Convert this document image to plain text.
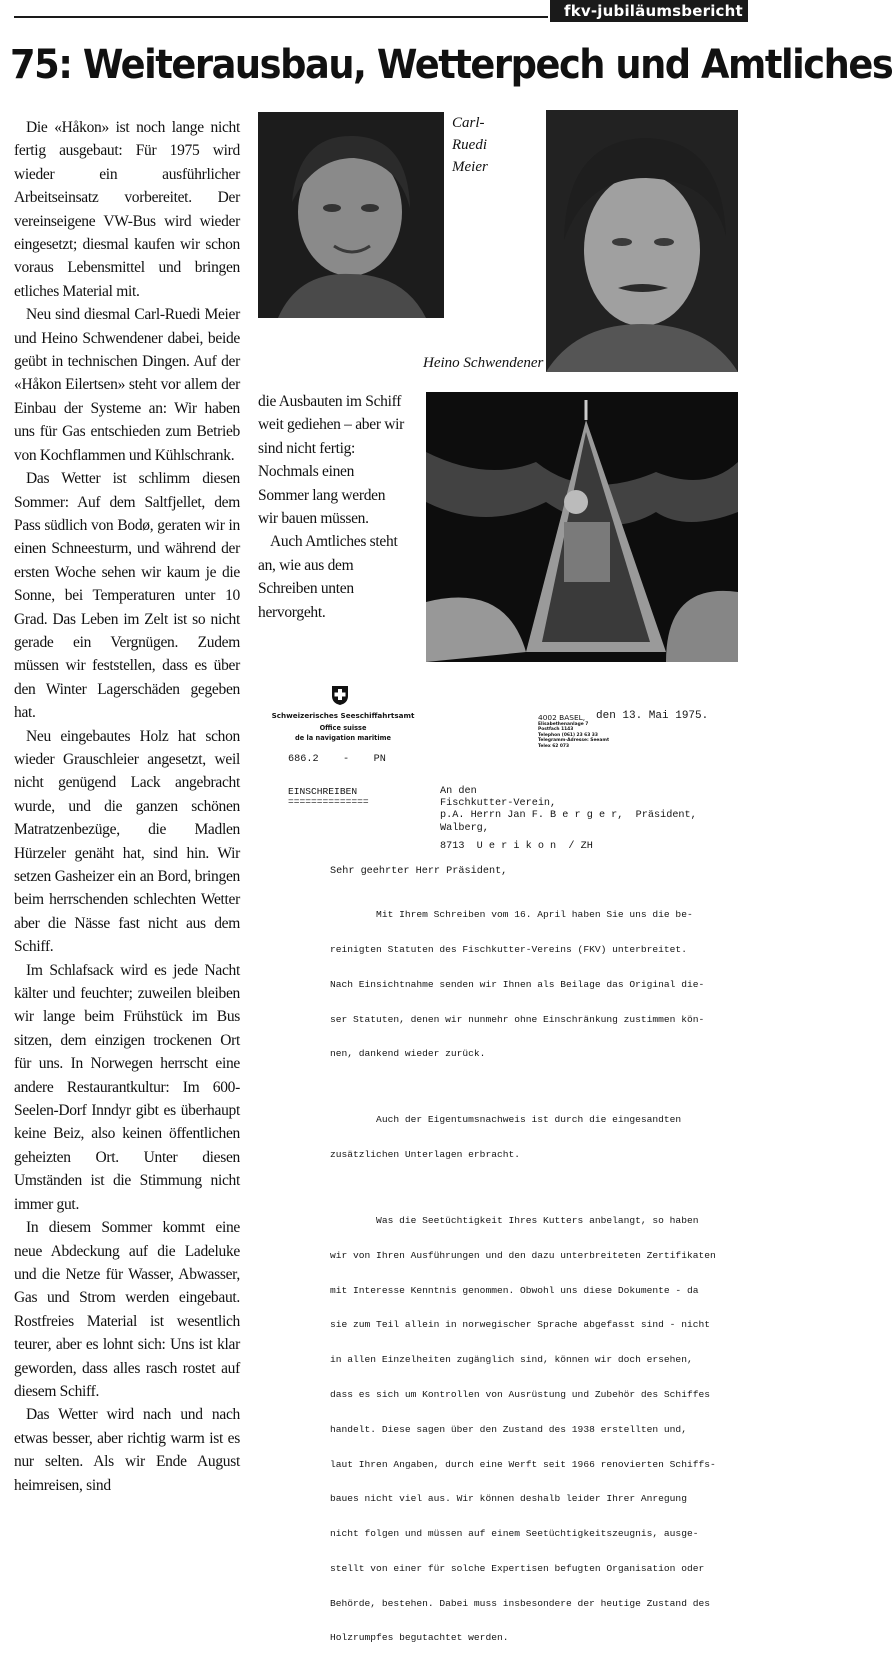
fkv-jubiläumsbericht 5
75: Weiterausbau, Wetterpech und Amtliches

Die «Håkon» ist noch lange nicht fertig ausgebaut: Für 1975 wird wieder ein ausführlicher Arbeitseinsatz vorbereitet. Der vereinseigene VW-Bus wird wieder eingesetzt; diesmal kaufen wir schon voraus Lebensmittel und bringen etliches Material mit.

Neu sind diesmal Carl-Ruedi Meier und Heino Schwendener dabei, beide geübt in technischen Dingen. Auf der «Håkon Eilertsen» steht vor allem der Einbau der Systeme an: Wir haben uns für Gas entschieden zum Betrieb von Kochflammen und Kühlschrank.

Das Wetter ist schlimm diesen Sommer: Auf dem Saltfjellet, dem Pass südlich von Bodø, geraten wir in einen Schneesturm, und während der ersten Woche sehen wir kaum je die Sonne, bei Temperaturen unter 10 Grad. Das Leben im Zelt ist so nicht gerade ein Vergnügen. Zudem müssen wir feststellen, dass es über den Winter Lagerschäden gegeben hat.

Neu eingebautes Holz hat schon wieder Grauschleier angesetzt, weil nicht genügend Lack angebracht wurde, und die ganzen schönen Matratzenbezüge, die Madlen Hürzeler genäht hat, sind hin. Wir setzen Gasheizer ein an Bord, bringen beim herrschenden schlechten Wetter aber die Nässe fast nicht aus dem Schiff.

Im Schlafsack wird es jede Nacht kälter und feuchter; zuweilen bleiben wir lange beim Frühstück im Bus sitzen, dem einzigen trockenen Ort für uns. In Norwegen herrscht eine andere Restaurantkultur: Im 600-Seelen-Dorf Inndyr gibt es überhaupt keine Beiz, also keinen öffentlichen geheizten Ort. Unter diesen Umständen ist die Stimmung nicht immer gut.

In diesem Sommer kommt eine neue Abdeckung auf die Ladeluke und die Netze für Wasser, Abwasser, Gas und Strom werden eingebaut. Rostfreies Material ist wesentlich teurer, aber es lohnt sich: Uns ist klar geworden, dass alles rasch rostet auf diesem Schiff.

Das Wetter wird nach und nach etwas besser, aber richtig warm ist es nur selten. Als wir Ende August heimreisen, sind

die Ausbauten im Schiff weit gediehen – aber wir sind nicht fertig: Nochmals einen Sommer lang werden wir bauen müssen.

Auch Amtliches steht an, wie aus dem Schreiben unten hervorgeht.

Carl-
Ruedi
Meier
Heino Schwendener
Schweizerisches Seeschiffahrtsamt
Office suisse
de la navigation maritime
4002 BASEL, den 13. Mai 1975.
Elisabethenanlage 7
Postfach 1143
Telephon (061) 23 63 33
Telegramm-Adresse: Seeamt
Telex 62 073
686.2    -    PN
EINSCHREIBEN
==============
An den
Fischkutter-Verein,
p.A. Herrn Jan F. B e r g e r,  Präsident,
Walberg,
8713  U e r i k o n  / ZH
Sehr geehrter Herr Präsident,

Mit Ihrem Schreiben vom 16. April haben Sie uns die be-

reinigten Statuten des Fischkutter-Vereins (FKV) unterbreitet.

Nach Einsichtnahme senden wir Ihnen als Beilage das Original die-

ser Statuten, denen wir nunmehr ohne Einschränkung zustimmen kön-

nen, dankend wieder zurück.

Auch der Eigentumsnachweis ist durch die eingesandten

zusätzlichen Unterlagen erbracht.

Was die Seetüchtigkeit Ihres Kutters anbelangt, so haben

wir von Ihren Ausführungen und den dazu unterbreiteten Zertifikaten

mit Interesse Kenntnis genommen. Obwohl uns diese Dokumente - da

sie zum Teil allein in norwegischer Sprache abgefasst sind - nicht

in allen Einzelheiten zugänglich sind, können wir doch ersehen,

dass es sich um Kontrollen von Ausrüstung und Zubehör des Schiffes

handelt. Diese sagen über den Zustand des 1938 erstellten und,

laut Ihren Angaben, durch eine Werft seit 1966 renovierten Schiffs-

baues nicht viel aus. Wir können deshalb leider Ihrer Anregung

nicht folgen und müssen auf einem Seetüchtigkeitszeugnis, ausge-

stellt von einer für solche Expertisen befugten Organisation oder

Behörde, bestehen. Dabei muss insbesondere der heutige Zustand des

Holzrumpfes begutachtet werden.
